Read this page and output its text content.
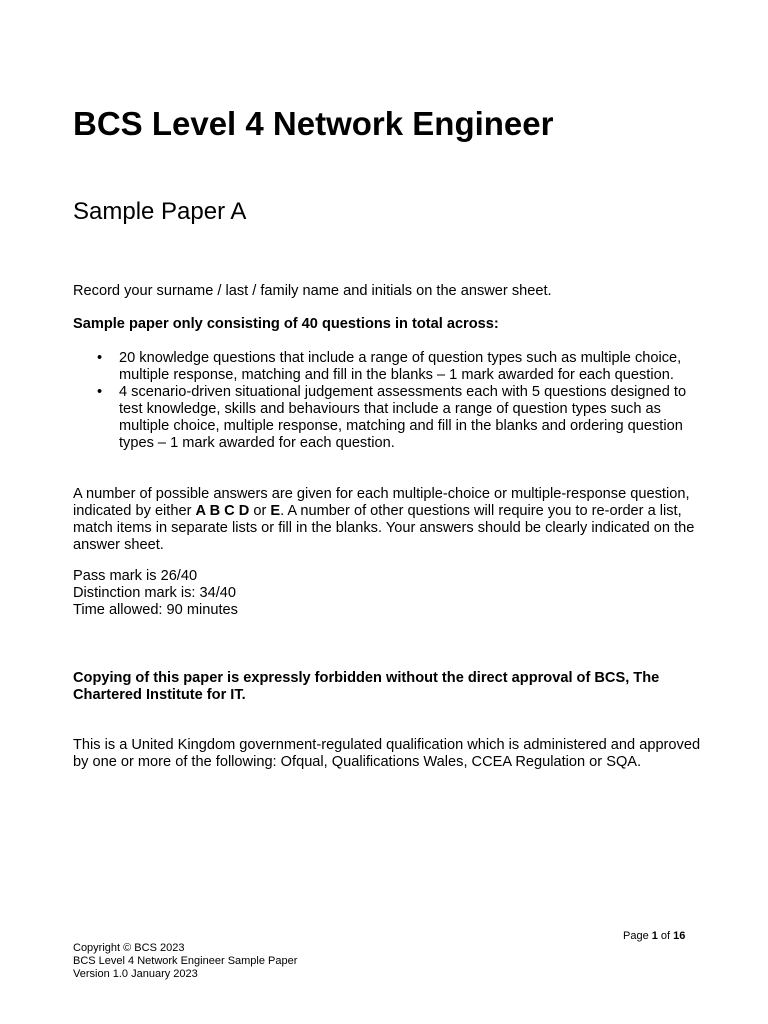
BCS Level 4 Network Engineer
Sample Paper A

Record your surname / last / family name and initials on the answer sheet.

Sample paper only consisting of 40 questions in total across:

• 20 knowledge questions that include a range of question types such as multiple choice, multiple response, matching and fill in the blanks – 1 mark awarded for each question.
• 4 scenario-driven situational judgement assessments each with 5 questions designed to test knowledge, skills and behaviours that include a range of question types such as multiple choice, multiple response, matching and fill in the blanks and ordering question types – 1 mark awarded for each question.

A number of possible answers are given for each multiple-choice or multiple-response question, indicated by either A B C D or E. A number of other questions will require you to re-order a list, match items in separate lists or fill in the blanks. Your answers should be clearly indicated on the answer sheet.

Pass mark is 26/40
Distinction mark is: 34/40
Time allowed: 90 minutes

Copying of this paper is expressly forbidden without the direct approval of BCS, The Chartered Institute for IT.

This is a United Kingdom government-regulated qualification which is administered and approved by one or more of the following: Ofqual, Qualifications Wales, CCEA Regulation or SQA.

Page 1 of 16
Copyright © BCS 2023
BCS Level 4 Network Engineer Sample Paper
Version 1.0 January 2023
